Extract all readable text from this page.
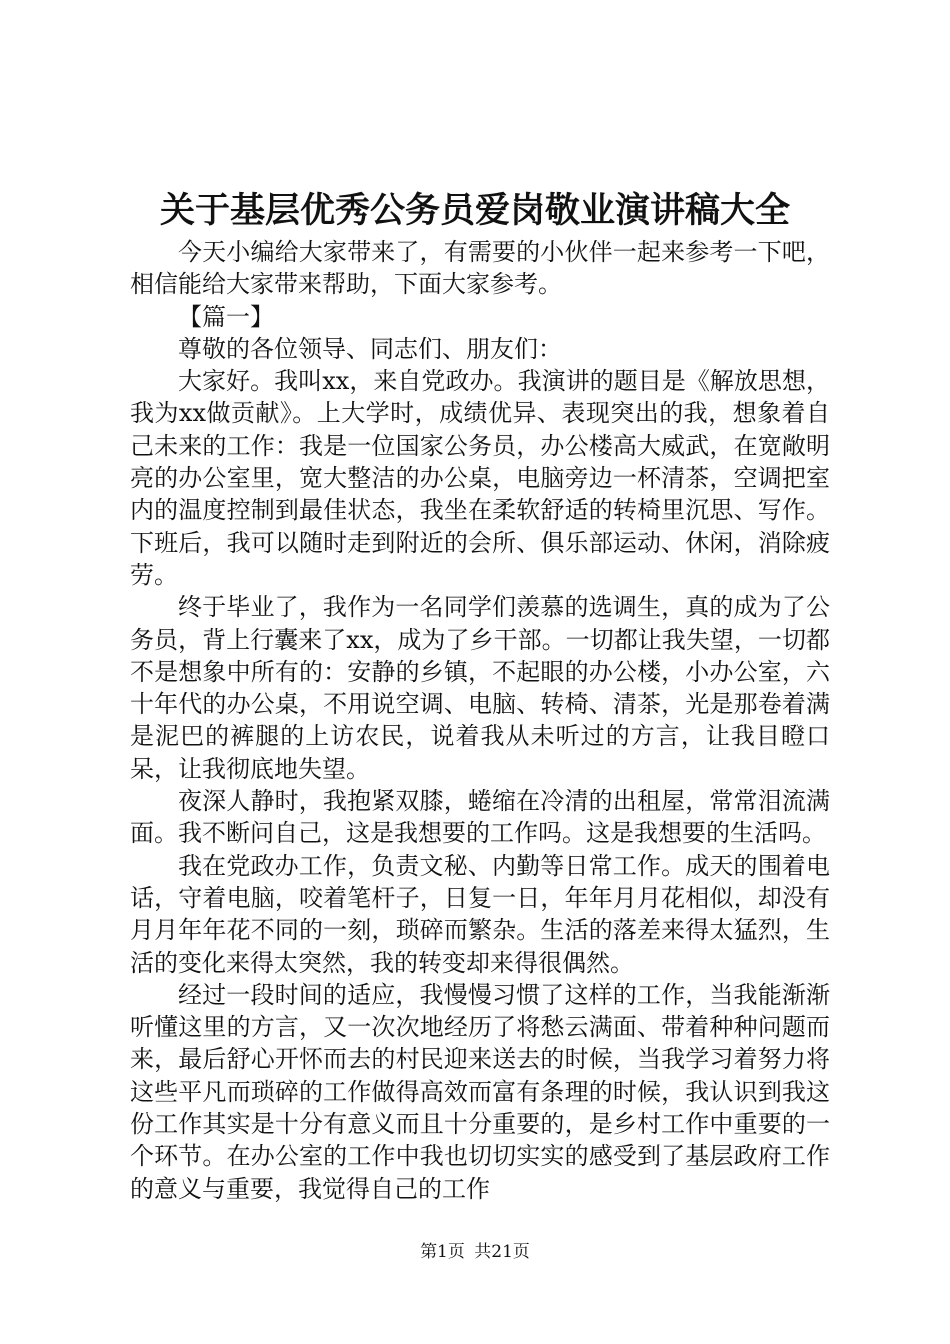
关于基层优秀公务员爱岗敬业演讲稿大全

今天小编给大家带来了，有需要的小伙伴一起来参考一下吧，相信能给大家带来帮助，下面大家参考。

【篇一】

尊敬的各位领导、同志们、朋友们：

大家好。我叫xx，来自党政办。我演讲的题目是《解放思想，我为xx做贡献》。上大学时，成绩优异、表现突出的我，想象着自己未来的工作：我是一位国家公务员，办公楼高大威武，在宽敞明亮的办公室里，宽大整洁的办公桌，电脑旁边一杯清茶，空调把室内的温度控制到最佳状态，我坐在柔软舒适的转椅里沉思、写作。下班后，我可以随时走到附近的会所、俱乐部运动、休闲，消除疲劳。

终于毕业了，我作为一名同学们羡慕的选调生，真的成为了公务员，背上行囊来了xx，成为了乡干部。一切都让我失望，一切都不是想象中所有的：安静的乡镇，不起眼的办公楼，小办公室，六十年代的办公桌，不用说空调、电脑、转椅、清茶，光是那卷着满是泥巴的裤腿的上访农民，说着我从未听过的方言，让我目瞪口呆，让我彻底地失望。

夜深人静时，我抱紧双膝，蜷缩在冷清的出租屋，常常泪流满面。我不断问自己，这是我想要的工作吗。这是我想要的生活吗。

我在党政办工作，负责文秘、内勤等日常工作。成天的围着电话，守着电脑，咬着笔杆子，日复一日，年年月月花相似，却没有月月年年花不同的一刻，琐碎而繁杂。生活的落差来得太猛烈，生活的变化来得太突然，我的转变却来得很偶然。

经过一段时间的适应，我慢慢习惯了这样的工作，当我能渐渐听懂这里的方言，又一次次地经历了将愁云满面、带着种种问题而来，最后舒心开怀而去的村民迎来送去的时候，当我学习着努力将这些平凡而琐碎的工作做得高效而富有条理的时候，我认识到我这份工作其实是十分有意义而且十分重要的，是乡村工作中重要的一个环节。在办公室的工作中我也切切实实的感受到了基层政府工作的意义与重要，我觉得自己的工作

第1页 共21页
